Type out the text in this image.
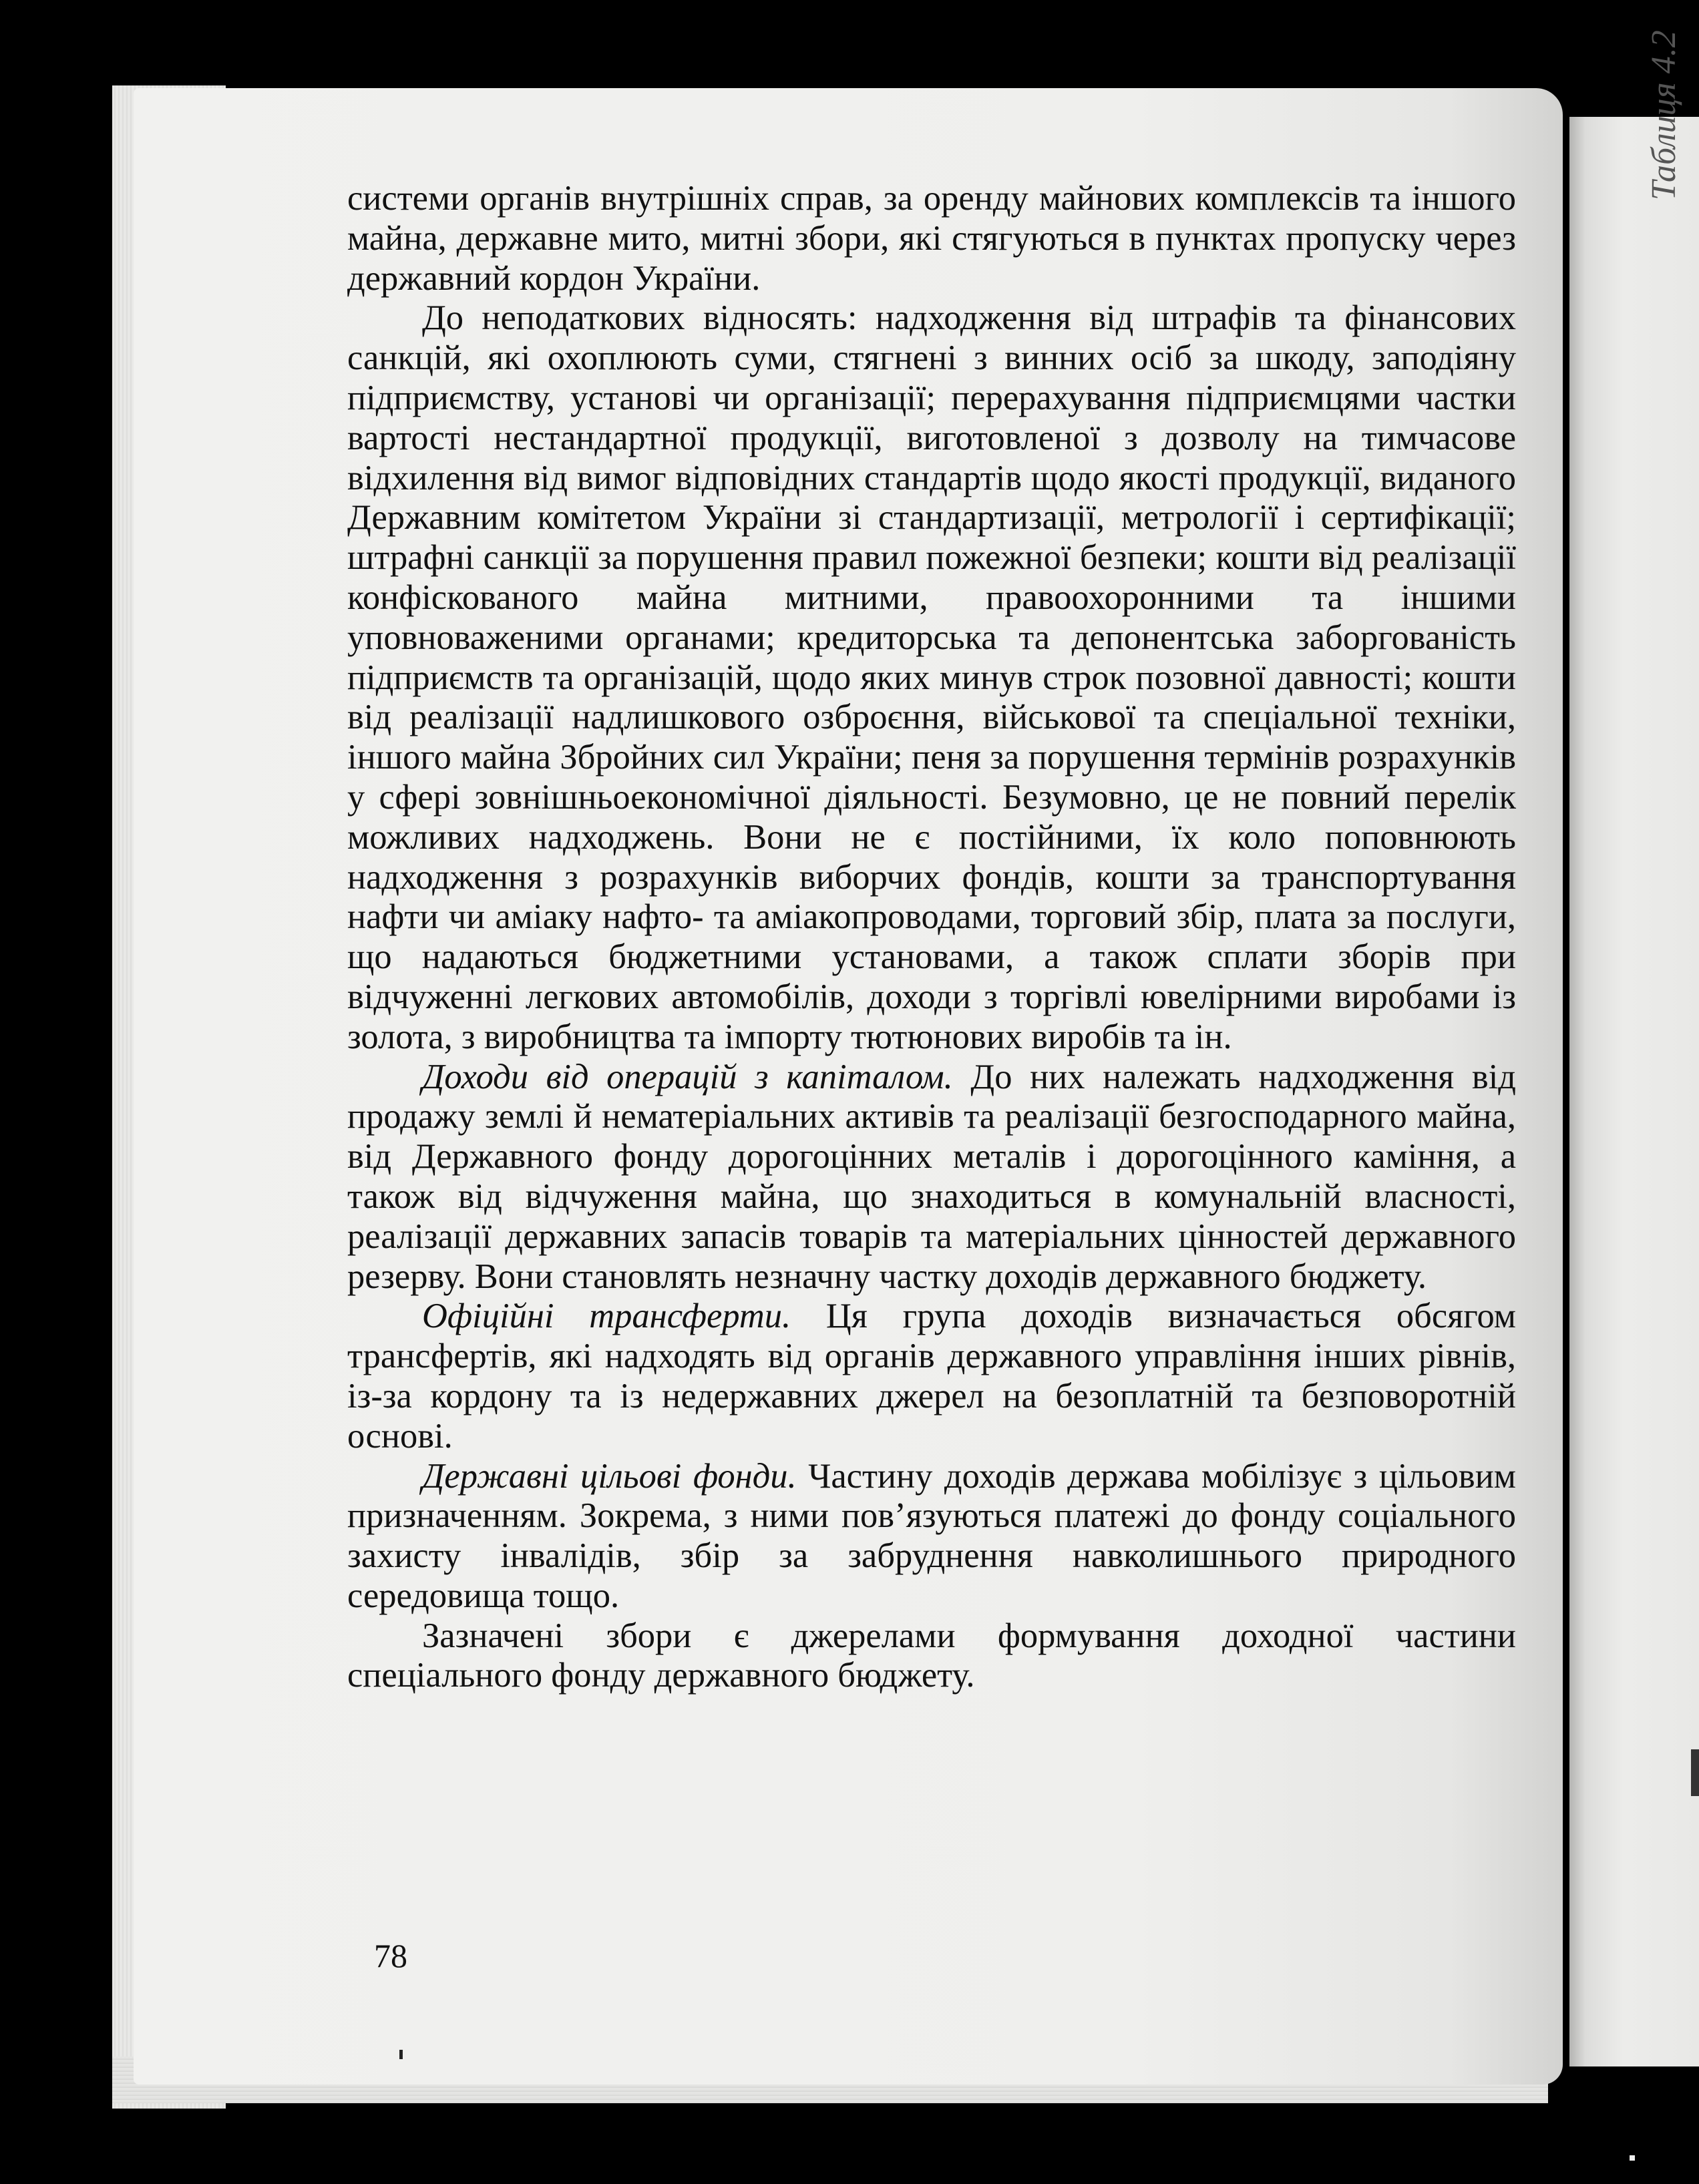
Таблиця 4.2

системи органів внутрішніх справ, за оренду майнових комплексів та іншого майна, державне мито, митні збори, які стягуються в пунктах пропуску через державний кордон України.

До неподаткових відносять: надходження від штрафів та фінансових санкцій, які охоплюють суми, стягнені з винних осіб за шкоду, заподіяну підприємству, установі чи організації; перерахування підприємцями частки вартості нестандартної продукції, виготовленої з дозволу на тимчасове відхилення від вимог відповідних стандартів щодо якості продукції, виданого Державним комітетом України зі стандартизації, метрології і сертифікації; штрафні санкції за порушення правил пожежної безпеки; кошти від реалізації конфіскованого майна митними, правоохоронними та іншими уповноваженими органами; кредиторська та депонентська заборгованість підприємств та організацій, щодо яких минув строк позовної давності; кошти від реалізації надлишкового озброєння, військової та спеціальної техніки, іншого майна Збройних сил України; пеня за порушення термінів розрахунків у сфері зовнішньоекономічної діяльності. Безумовно, це не повний перелік можливих надходжень. Вони не є постійними, їх коло поповнюють надходження з розрахунків виборчих фондів, кошти за транспортування нафти чи аміаку нафто- та аміакопроводами, торговий збір, плата за послуги, що надаються бюджетними установами, а також сплати зборів при відчуженні легкових автомобілів, доходи з торгівлі ювелірними виробами із золота, з виробництва та імпорту тютюнових виробів та ін.

Доходи від операцій з капіталом. До них належать надходження від продажу землі й нематеріальних активів та реалізації безгосподарного майна, від Державного фонду дорогоцінних металів і дорогоцінного каміння, а також від відчуження майна, що знаходиться в комунальній власності, реалізації державних запасів товарів та матеріальних цінностей державного резерву. Вони становлять незначну частку доходів державного бюджету.

Офіційні трансферти. Ця група доходів визначається обсягом трансфертів, які надходять від органів державного управління інших рівнів, із-за кордону та із недержавних джерел на безоплатній та безповоротній основі.

Державні цільові фонди. Частину доходів держава мобілізує з цільовим призначенням. Зокрема, з ними пов’язуються платежі до фонду соціального захисту інвалідів, збір за забруднення навколишнього природного середовища тощо.

Зазначені збори є джерелами формування доходної частини спеціального фонду державного бюджету.

78
